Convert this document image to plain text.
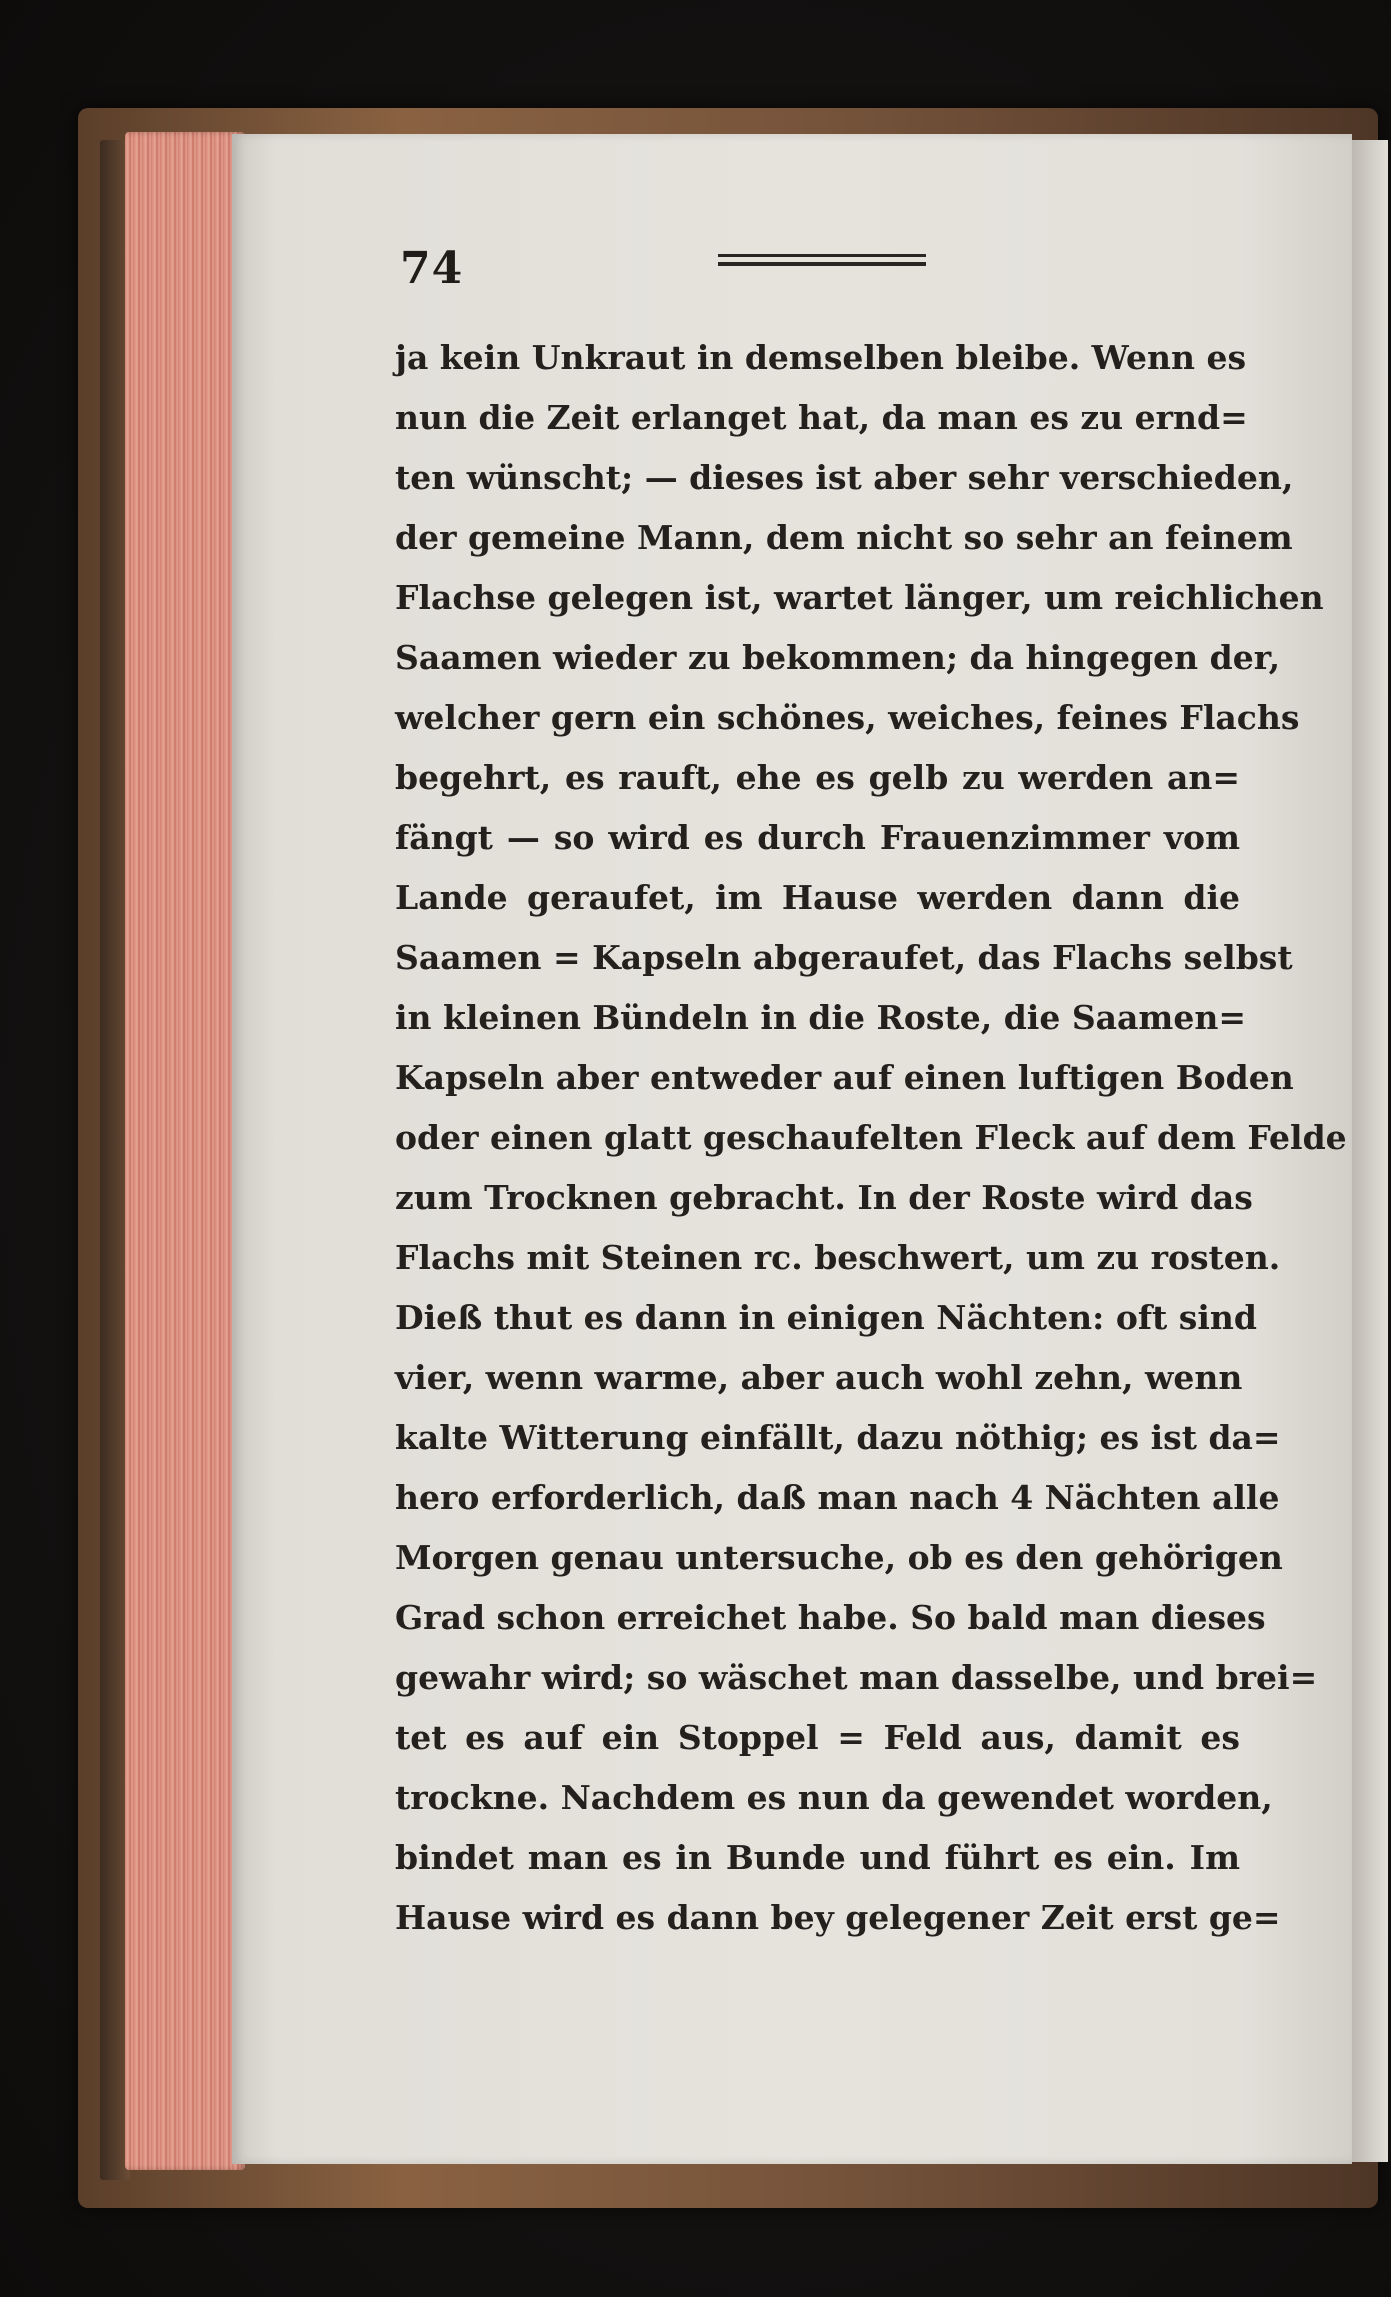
74
ja kein Unkraut in demselben bleibe. Wenn es
nun die Zeit erlanget hat, da man es zu ernd=
ten wünscht; — dieses ist aber sehr verschieden,
der gemeine Mann, dem nicht so sehr an feinem
Flachse gelegen ist, wartet länger, um reichlichen
Saamen wieder zu bekommen; da hingegen der,
welcher gern ein schönes, weiches, feines Flachs
begehrt, es rauft, ehe es gelb zu werden an=
fängt — so wird es durch Frauenzimmer vom
Lande geraufet, im Hause werden dann die
Saamen = Kapseln abgeraufet, das Flachs selbst
in kleinen Bündeln in die Roste, die Saamen=
Kapseln aber entweder auf einen luftigen Boden
oder einen glatt geschaufelten Fleck auf dem Felde
zum Trocknen gebracht. In der Roste wird das
Flachs mit Steinen rc. beschwert, um zu rosten.
Dieß thut es dann in einigen Nächten: oft sind
vier, wenn warme, aber auch wohl zehn, wenn
kalte Witterung einfällt, dazu nöthig; es ist da=
hero erforderlich, daß man nach 4 Nächten alle
Morgen genau untersuche, ob es den gehörigen
Grad schon erreichet habe. So bald man dieses
gewahr wird; so wäschet man dasselbe, und brei=
tet es auf ein Stoppel = Feld aus, damit es
trockne. Nachdem es nun da gewendet worden,
bindet man es in Bunde und führt es ein. Im
Hause wird es dann bey gelegener Zeit erst ge=
